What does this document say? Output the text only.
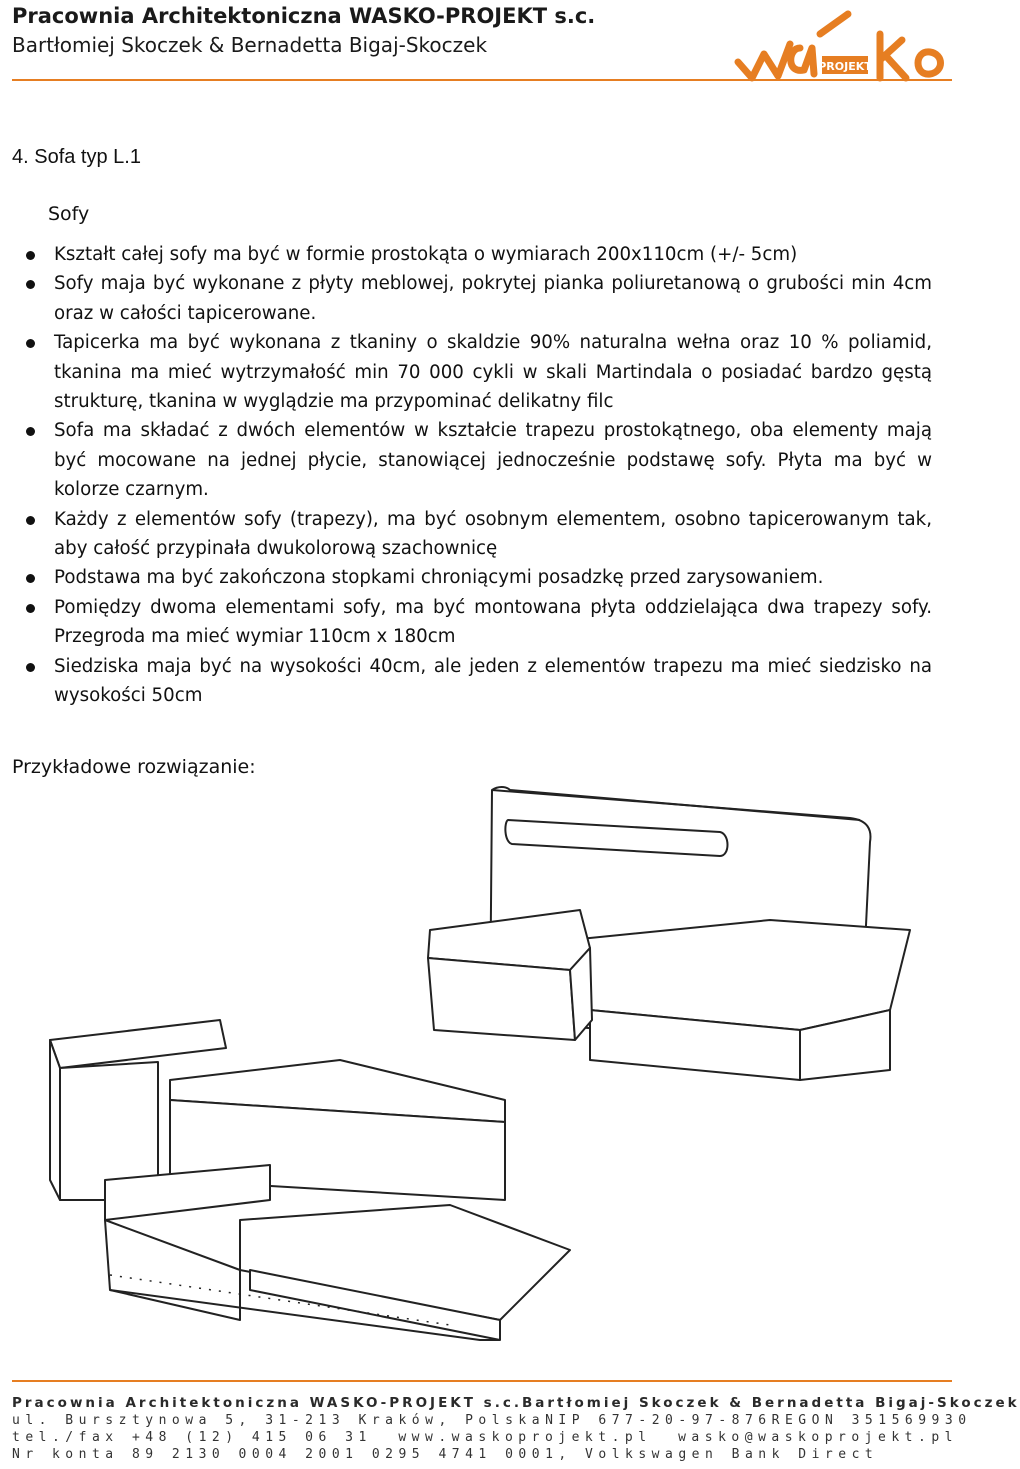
Pracownia Architektoniczna WASKO-PROJEKT s.c.
Bartłomiej Skoczek & Bernadetta Bigaj-Skoczek
PROJEKT
4. Sofa typ L.1
Sofy
Kształt całej sofy ma być w formie prostokąta o wymiarach 200x110cm (+/- 5cm)
Sofy maja być wykonane z płyty meblowej, pokrytej pianka poliuretanową o grubości min 4cm oraz w całości tapicerowane.
Tapicerka ma być wykonana z tkaniny o skaldzie 90% naturalna wełna oraz 10 % poliamid, tkanina ma mieć wytrzymałość min 70 000 cykli w skali Martindala o posiadać bardzo gęstą strukturę, tkanina w wyglądzie ma przypominać delikatny filc
Sofa ma składać z dwóch elementów w kształcie trapezu prostokątnego, oba elementy mają być mocowane na jednej płycie, stanowiącej jednocześnie podstawę sofy. Płyta ma być w kolorze czarnym.
Każdy z elementów sofy (trapezy), ma być osobnym elementem, osobno tapicerowanym tak, aby całość przypinała dwukolorową szachownicę
Podstawa ma być zakończona stopkami chroniącymi posadzkę przed zarysowaniem.
Pomiędzy dwoma elementami sofy, ma być montowana płyta oddzielająca dwa trapezy sofy. Przegroda ma mieć wymiar 110cm x 180cm
Siedziska maja być na wysokości 40cm, ale jeden z elementów trapezu ma mieć siedzisko na wysokości 50cm
Przykładowe rozwiązanie:
Pracownia Architektoniczna WASKO-PROJEKT s.c. Bartłomiej Skoczek & Bernadetta Bigaj-Skoczek
ul. Bursztynowa 5, 31-213 Kraków, Polska NIP 677-20-97-876 REGON 351569930
tel./fax +48 (12) 415 06 31 www.waskoprojekt.pl wasko@waskoprojekt.pl
Nr konta 89 2130 0004 2001 0295 4741 0001, Volkswagen Bank Direct
